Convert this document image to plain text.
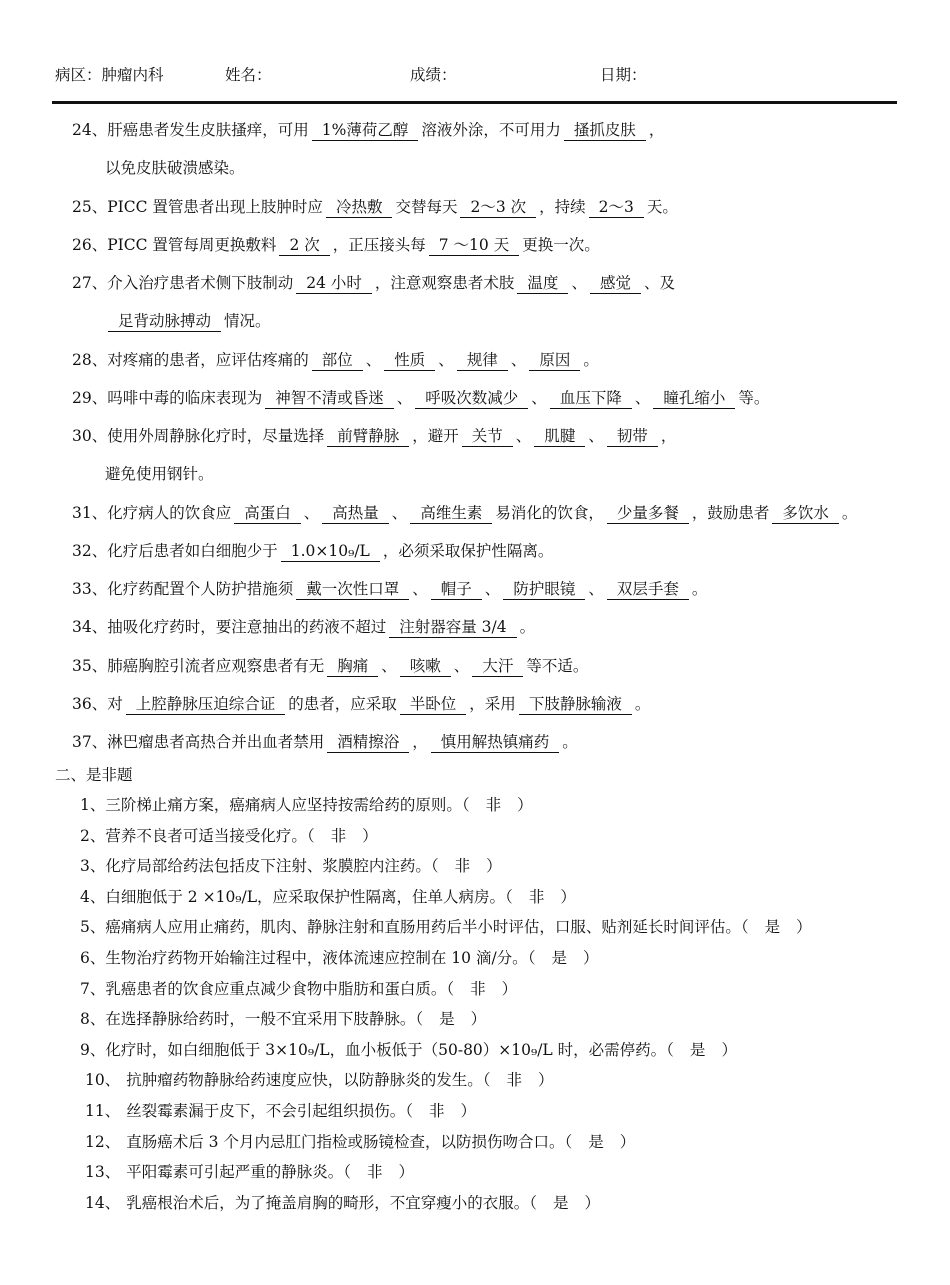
病区：肿瘤内科	姓名：	成绩：	日期：
24、肝癌患者发生皮肤搔痒，可用 1%薄荷乙醇 溶液外涂，不可用力 搔抓皮肤 ，
以免皮肤破溃感染。
25、PICC 置管患者出现上肢肿时应 冷热敷 交替每天 2～3 次 ，持续 2～3 天。
26、PICC 置管每周更换敷料 2 次 ，正压接头每 7 ～10 天 更换一次。
27、介入治疗患者术侧下肢制动 24 小时 ，注意观察患者术肢 温度 、 感觉 、及
足背动脉搏动 情况。
28、对疼痛的患者，应评估疼痛的 部位 、 性质 、 规律 、 原因 。
29、吗啡中毒的临床表现为 神智不清或昏迷 、 呼吸次数减少 、 血压下降 、 瞳孔缩小 等。
30、使用外周静脉化疗时，尽量选择 前臂静脉 ，避开 关节 、 肌腱 、 韧带 ，
避免使用钢针。
31、化疗病人的饮食应 高蛋白 、 高热量 、 高维生素 易消化的饮食， 少量多餐 ，鼓励患者 多饮水 。
32、化疗后患者如白细胞少于 1.0×10₉/L ，必须采取保护性隔离。
33、化疗药配置个人防护措施须 戴一次性口罩 、 帽子 、 防护眼镜 、 双层手套 。
34、抽吸化疗药时，要注意抽出的药液不超过 注射器容量 3/4 。
35、肺癌胸腔引流者应观察患者有无 胸痛 、 咳嗽 、 大汗 等不适。
36、对 上腔静脉压迫综合证 的患者，应采取 半卧位 ，采用 下肢静脉输液 。
37、淋巴瘤患者高热合并出血者禁用 酒精擦浴 ， 慎用解热镇痛药 。
二、是非题
1、三阶梯止痛方案，癌痛病人应坚持按需给药的原则。（ 非 ）
2、营养不良者可适当接受化疗。（ 非 ）
3、化疗局部给药法包括皮下注射、浆膜腔内注药。（ 非 ）
4、白细胞低于 2 ×10₉/L，应采取保护性隔离，住单人病房。（ 非 ）
5、癌痛病人应用止痛药，肌肉、静脉注射和直肠用药后半小时评估，口服、贴剂延长时间评估。（ 是 ）
6、生物治疗药物开始输注过程中，液体流速应控制在 10 滴/分。（ 是 ）
7、乳癌患者的饮食应重点减少食物中脂肪和蛋白质。（ 非 ）
8、在选择静脉给药时，一般不宜采用下肢静脉。（ 是 ）
9、化疗时，如白细胞低于 3×10₉/L，血小板低于（50-80）×10₉/L 时，必需停药。（ 是 ）
10、 抗肿瘤药物静脉给药速度应快，以防静脉炎的发生。（ 非 ）
11、 丝裂霉素漏于皮下，不会引起组织损伤。（ 非 ）
12、 直肠癌术后 3 个月内忌肛门指检或肠镜检查，以防损伤吻合口。（ 是 ）
13、 平阳霉素可引起严重的静脉炎。（ 非 ）
14、 乳癌根治术后，为了掩盖肩胸的畸形，不宜穿瘦小的衣服。（ 是 ）
